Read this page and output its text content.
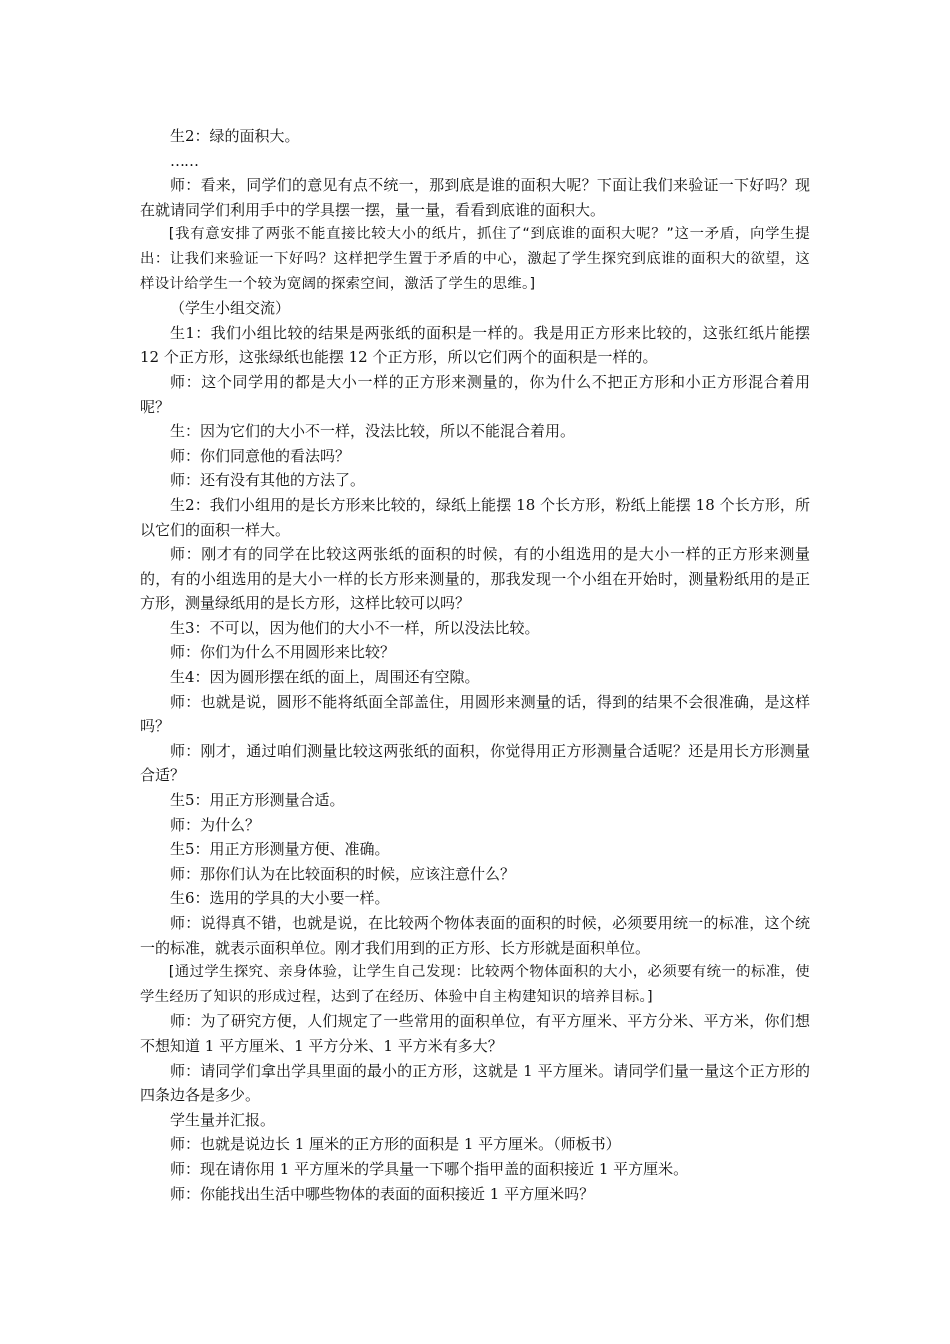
生2：绿的面积大。

……

师：看来，同学们的意见有点不统一，那到底是谁的面积大呢？下面让我们来验证一下好吗？现在就请同学们利用手中的学具摆一摆，量一量，看看到底谁的面积大。

[我有意安排了两张不能直接比较大小的纸片，抓住了“到底谁的面积大呢？”这一矛盾，向学生提出：让我们来验证一下好吗？这样把学生置于矛盾的中心，激起了学生探究到底谁的面积大的欲望，这样设计给学生一个较为宽阔的探索空间，激活了学生的思维。]

（学生小组交流）

生1：我们小组比较的结果是两张纸的面积是一样的。我是用正方形来比较的，这张红纸片能摆 12 个正方形，这张绿纸也能摆 12 个正方形，所以它们两个的面积是一样的。

师：这个同学用的都是大小一样的正方形来测量的，你为什么不把正方形和小正方形混合着用呢？

生：因为它们的大小不一样，没法比较，所以不能混合着用。

师：你们同意他的看法吗？

师：还有没有其他的方法了。

生2：我们小组用的是长方形来比较的，绿纸上能摆 18 个长方形，粉纸上能摆 18 个长方形，所以它们的面积一样大。

师：刚才有的同学在比较这两张纸的面积的时候，有的小组选用的是大小一样的正方形来测量的，有的小组选用的是大小一样的长方形来测量的，那我发现一个小组在开始时，测量粉纸用的是正方形，测量绿纸用的是长方形，这样比较可以吗？

生3：不可以，因为他们的大小不一样，所以没法比较。

师：你们为什么不用圆形来比较？

生4：因为圆形摆在纸的面上，周围还有空隙。

师：也就是说，圆形不能将纸面全部盖住，用圆形来测量的话，得到的结果不会很准确，是这样吗？

师：刚才，通过咱们测量比较这两张纸的面积，你觉得用正方形测量合适呢？还是用长方形测量合适？

生5：用正方形测量合适。

师：为什么？

生5：用正方形测量方便、准确。

师：那你们认为在比较面积的时候，应该注意什么？

生6：选用的学具的大小要一样。

师：说得真不错，也就是说，在比较两个物体表面的面积的时候，必须要用统一的标准，这个统一的标准，就表示面积单位。刚才我们用到的正方形、长方形就是面积单位。

[通过学生探究、亲身体验，让学生自己发现：比较两个物体面积的大小，必须要有统一的标准，使学生经历了知识的形成过程，达到了在经历、体验中自主构建知识的培养目标。]

师：为了研究方便，人们规定了一些常用的面积单位，有平方厘米、平方分米、平方米，你们想不想知道 1 平方厘米、1 平方分米、1 平方米有多大？

师：请同学们拿出学具里面的最小的正方形，这就是 1 平方厘米。请同学们量一量这个正方形的四条边各是多少。

学生量并汇报。

师：也就是说边长 1 厘米的正方形的面积是 1 平方厘米。（师板书）

师：现在请你用 1 平方厘米的学具量一下哪个指甲盖的面积接近 1 平方厘米。

师：你能找出生活中哪些物体的表面的面积接近 1 平方厘米吗？
